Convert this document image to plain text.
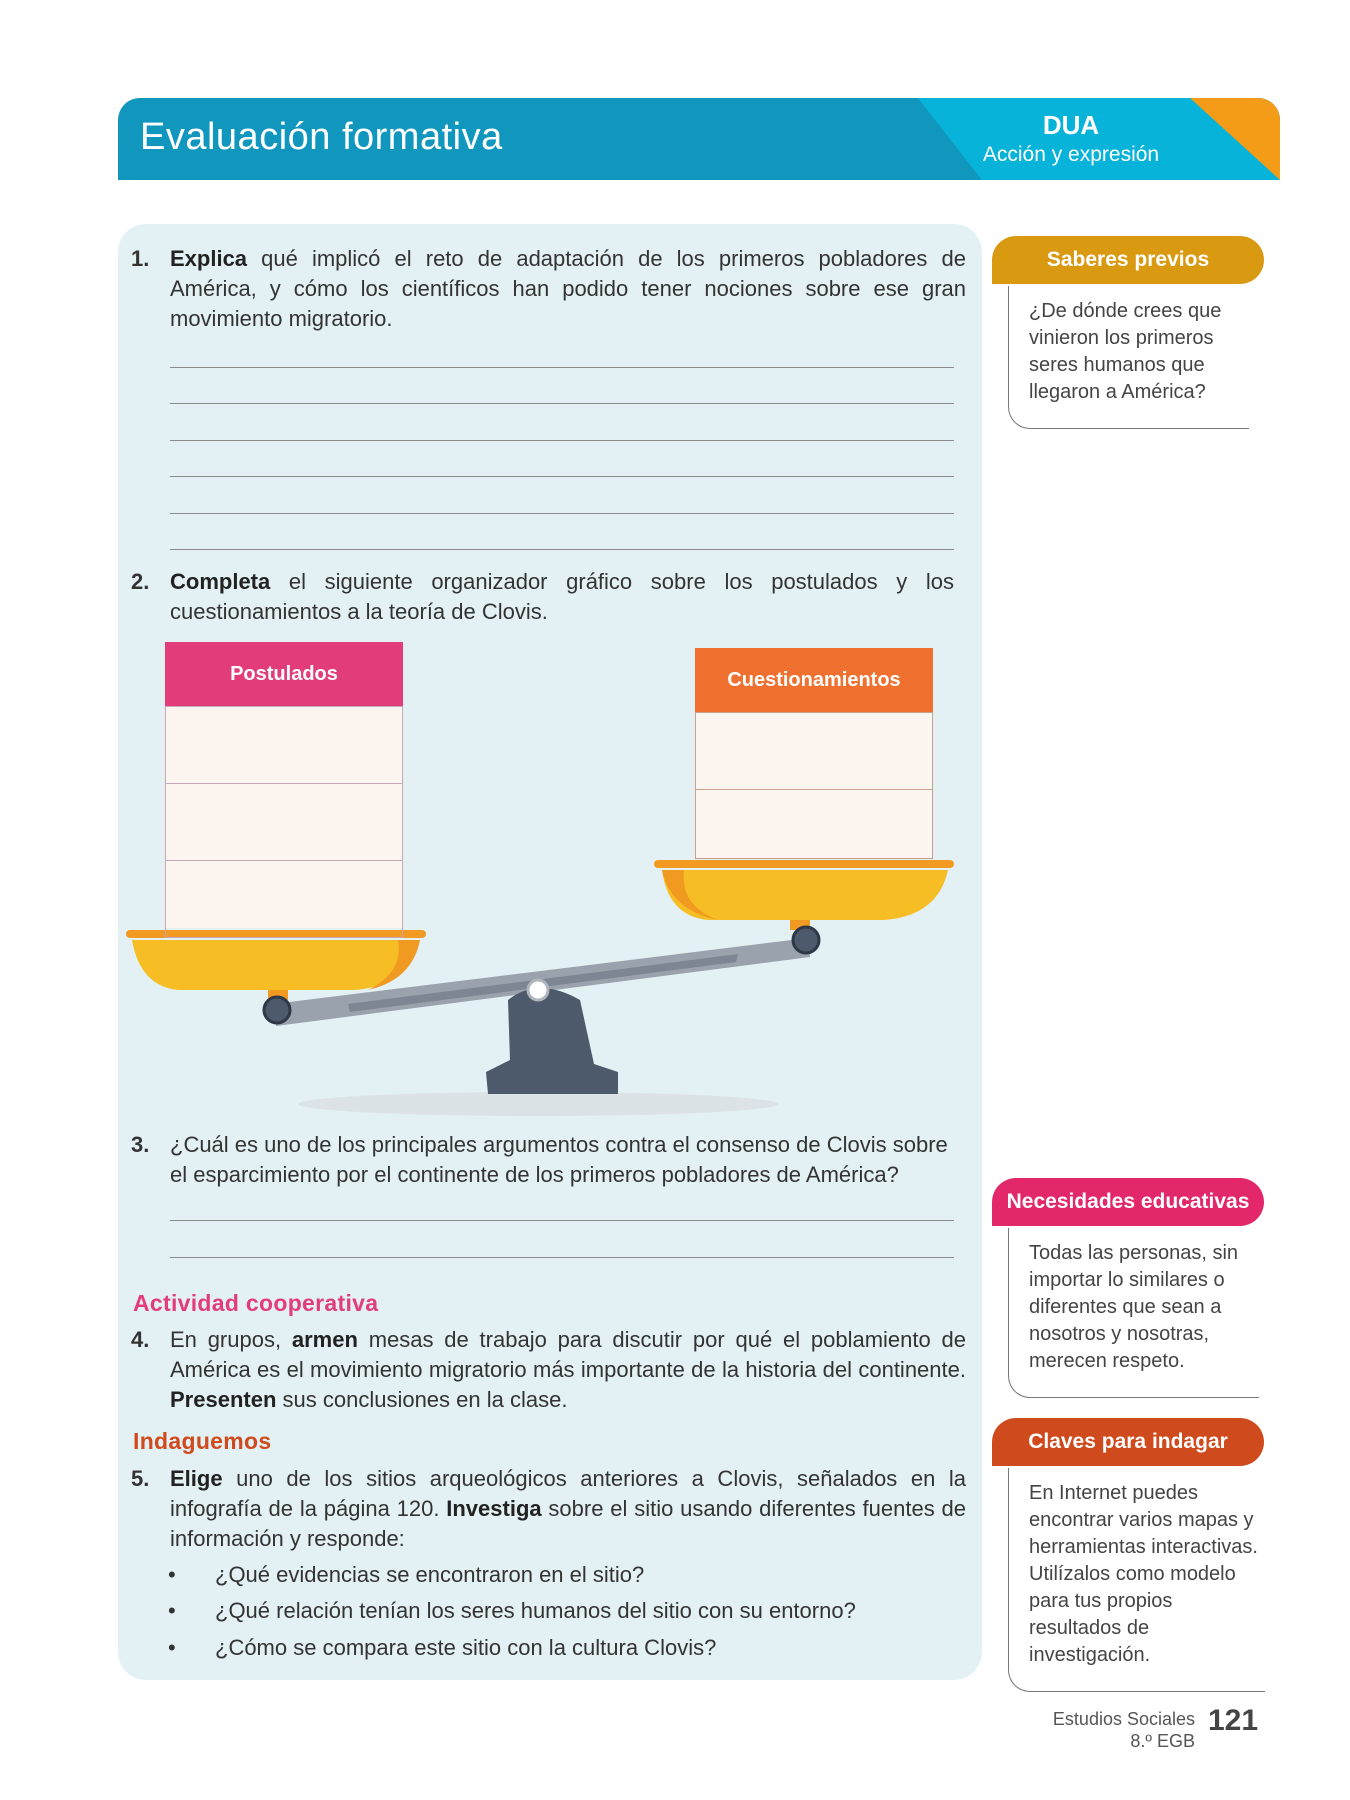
Evaluación formativa	DUA
Acción y expresión
1. Explica qué implicó el reto de adaptación de los primeros pobladores de América, y cómo los científicos han podido tener nociones sobre ese gran movimiento migratorio.
2. Completa el siguiente organizador gráfico sobre los postulados y los cuestionamientos a la teoría de Clovis.
Postulados	Cuestionamientos
3. ¿Cuál es uno de los principales argumentos contra el consenso de Clovis sobre el esparcimiento por el continente de los primeros pobladores de América?
Actividad cooperativa
4. En grupos, armen mesas de trabajo para discutir por qué el poblamiento de América es el movimiento migratorio más importante de la historia del continente. Presenten sus conclusiones en la clase.
Indaguemos
5. Elige uno de los sitios arqueológicos anteriores a Clovis, señalados en la infografía de la página 120. Investiga sobre el sitio usando diferentes fuentes de información y responde:
• ¿Qué evidencias se encontraron en el sitio?
• ¿Qué relación tenían los seres humanos del sitio con su entorno?
• ¿Cómo se compara este sitio con la cultura Clovis?
Saberes previos
¿De dónde crees que vinieron los primeros seres humanos que llegaron a América?
Necesidades educativas
Todas las personas, sin importar lo similares o diferentes que sean a nosotros y nosotras, merecen respeto.
Claves para indagar
En Internet puedes encontrar varios mapas y herramientas interactivas. Utilízalos como modelo para tus propios resultados de investigación.
Estudios Sociales
8.º EGB
121
